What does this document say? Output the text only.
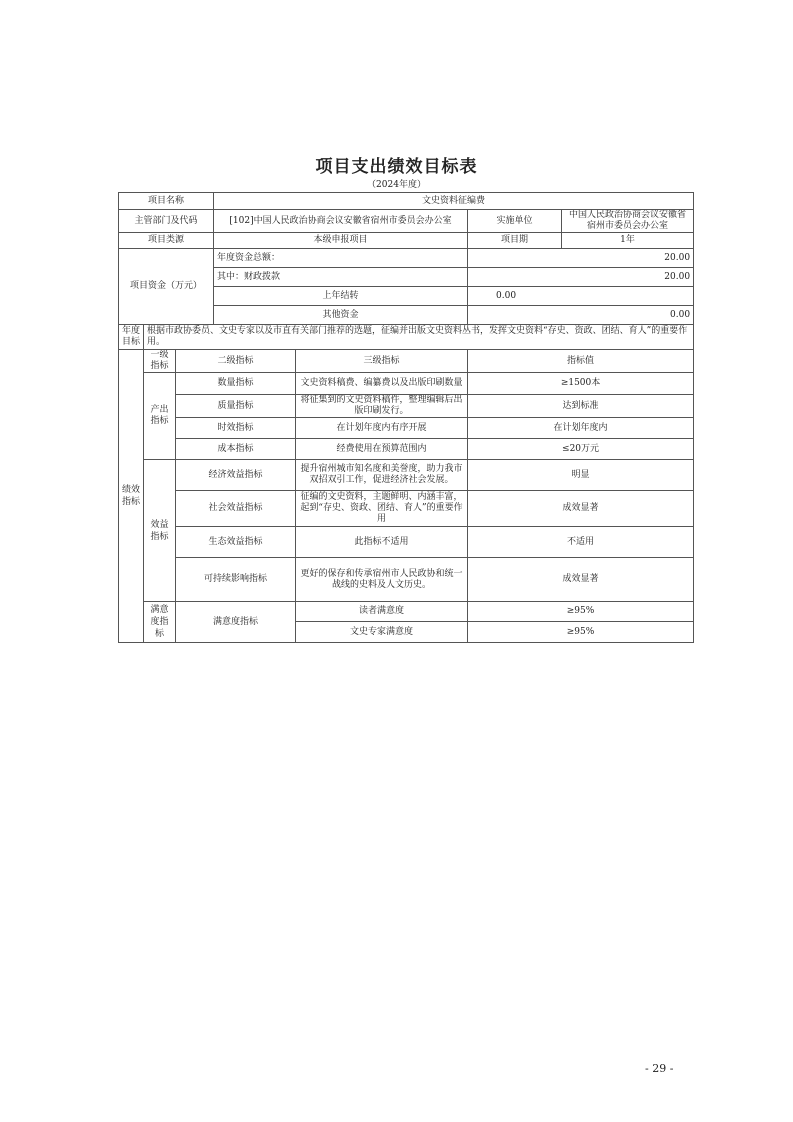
项目支出绩效目标表
（2024年度）
项目名称			文史资料征编费			
主管部门及代码			[102]中国人民政治协商会议安徽省宿州市委员会办公室		实施单位	中国人民政治协商会议安徽省宿州市委员会办公室
项目类源			本级申报项目		项目期	1年
项目资金（万元）			年度资金总额：		20.00	
			其中：财政拨款		20.00	
			上年结转		0.00	
			其他资金		0.00	
年度目标	根据市政协委员、文史专家以及市直有关部门推荐的选题，征编并出版文史资料丛书，发挥文史资料“存史、资政、团结、育人”的重要作用。					
绩效指标	一级指标	二级指标		三级指标	指标值	
	产出指标	数量指标		文史资料稿费、编纂费以及出版印刷数量	≥1500本	
		质量指标		将征集到的文史资料稿件，整理编辑后出版印刷发行。	达到标准	
		时效指标		在计划年度内有序开展	在计划年度内	
		成本指标		经费使用在预算范围内	≤20万元	
	效益指标	经济效益指标		提升宿州城市知名度和美誉度，助力我市双招双引工作，促进经济社会发展。	明显	
		社会效益指标		征编的文史资料，主题鲜明、内涵丰富，起到“存史、资政、团结、育人”的重要作用	成效显著	
		生态效益指标		此指标不适用	不适用	
		可持续影响指标		更好的保存和传承宿州市人民政协和统一战线的史料及人文历史。	成效显著	
	满意度指标	满意度指标		读者满意度	≥95%	
				文史专家满意度	≥95%	
- 29 -
